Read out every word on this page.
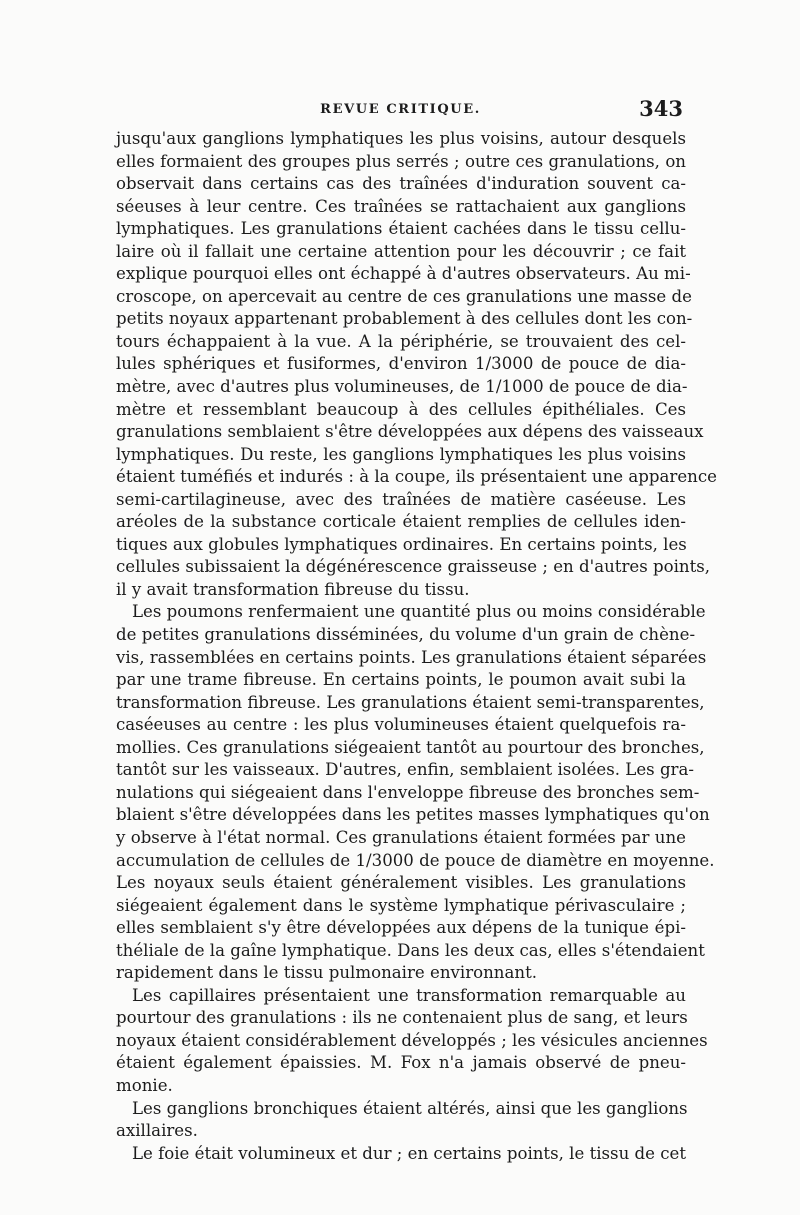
REVUE CRITIQUE.	343
jusqu'aux ganglions lymphatiques les plus voisins, autour desquels
elles formaient des groupes plus serrés ; outre ces granulations, on
observait dans certains cas des traînées d'induration souvent ca-
séeuses à leur centre. Ces traînées se rattachaient aux ganglions
lymphatiques. Les granulations étaient cachées dans le tissu cellu-
laire où il fallait une certaine attention pour les découvrir ; ce fait
explique pourquoi elles ont échappé à d'autres observateurs. Au mi-
croscope, on apercevait au centre de ces granulations une masse de
petits noyaux appartenant probablement à des cellules dont les con-
tours échappaient à la vue. A la périphérie, se trouvaient des cel-
lules sphériques et fusiformes, d'environ 1/3000 de pouce de dia-
mètre, avec d'autres plus volumineuses, de 1/1000 de pouce de dia-
mètre et ressemblant beaucoup à des cellules épithéliales. Ces
granulations semblaient s'être développées aux dépens des vaisseaux
lymphatiques. Du reste, les ganglions lymphatiques les plus voisins
étaient tuméfiés et indurés : à la coupe, ils présentaient une apparence
semi-cartilagineuse, avec des traînées de matière caséeuse. Les
aréoles de la substance corticale étaient remplies de cellules iden-
tiques aux globules lymphatiques ordinaires. En certains points, les
cellules subissaient la dégénérescence graisseuse ; en d'autres points,
il y avait transformation fibreuse du tissu.
Les poumons renfermaient une quantité plus ou moins considérable
de petites granulations disséminées, du volume d'un grain de chène-
vis, rassemblées en certains points. Les granulations étaient séparées
par une trame fibreuse. En certains points, le poumon avait subi la
transformation fibreuse. Les granulations étaient semi-transparentes,
caséeuses au centre : les plus volumineuses étaient quelquefois ra-
mollies. Ces granulations siégeaient tantôt au pourtour des bronches,
tantôt sur les vaisseaux. D'autres, enfin, semblaient isolées. Les gra-
nulations qui siégeaient dans l'enveloppe fibreuse des bronches sem-
blaient s'être développées dans les petites masses lymphatiques qu'on
y observe à l'état normal. Ces granulations étaient formées par une
accumulation de cellules de 1/3000 de pouce de diamètre en moyenne.
Les noyaux seuls étaient généralement visibles. Les granulations
siégeaient également dans le système lymphatique périvasculaire ;
elles semblaient s'y être développées aux dépens de la tunique épi-
théliale de la gaîne lymphatique. Dans les deux cas, elles s'étendaient
rapidement dans le tissu pulmonaire environnant.
Les capillaires présentaient une transformation remarquable au
pourtour des granulations : ils ne contenaient plus de sang, et leurs
noyaux étaient considérablement développés ; les vésicules anciennes
étaient également épaissies. M. Fox n'a jamais observé de pneu-
monie.
Les ganglions bronchiques étaient altérés, ainsi que les ganglions
axillaires.
Le foie était volumineux et dur ; en certains points, le tissu de cet
